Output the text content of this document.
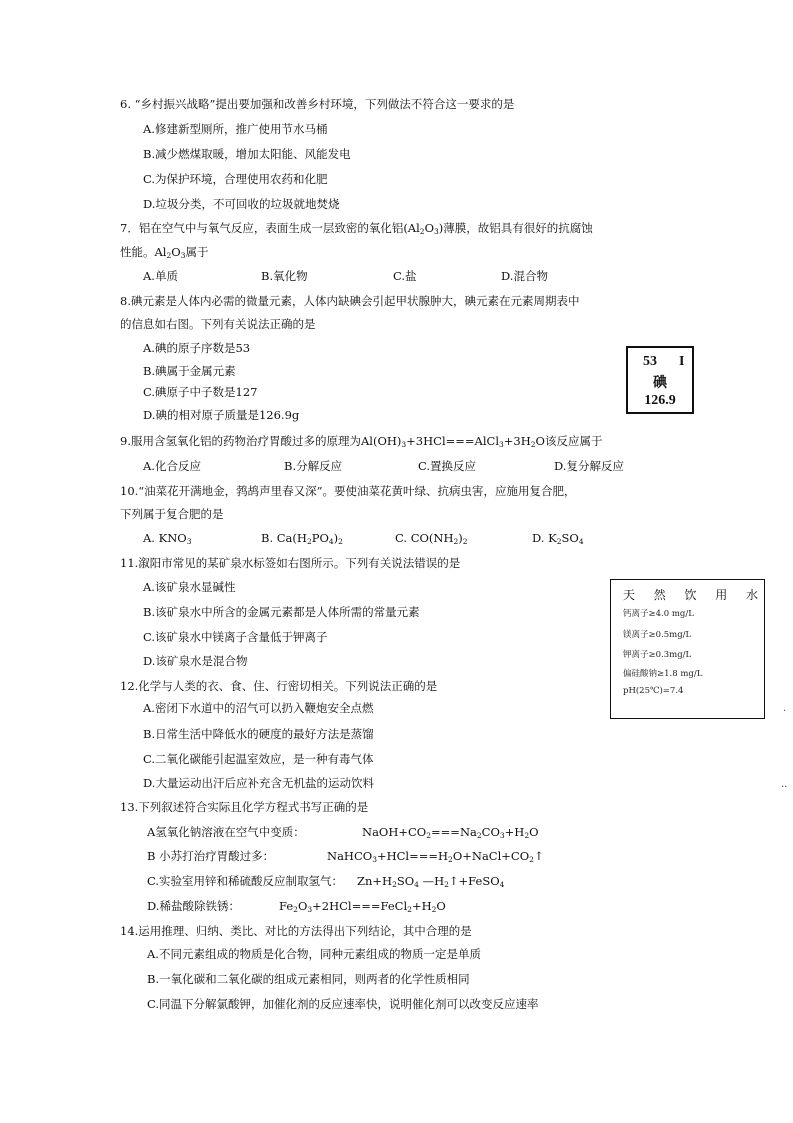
6. “乡村振兴战略”提出要加强和改善乡村环境，下列做法不符合这一要求的是
A.修建新型厕所，推广使用节水马桶
B.减少燃煤取暖，增加太阳能、风能发电
C.为保护环境，合理使用农药和化肥
D.垃圾分类，不可回收的垃圾就地焚烧
7．铝在空气中与氧气反应，表面生成一层致密的氧化铝$(Al_2O_3)$薄膜，故铝具有很好的抗腐蚀
性能。$Al_2O_3$属于
A.单质	B.氧化物	C.盐	D.混合物
8.碘元素是人体内必需的微量元素，人体内缺碘会引起甲状腺肿大，碘元素在元素周期表中
的信息如右图。下列有关说法正确的是
A.碘的原子序数是53
B.碘属于金属元素
C.碘原子中子数是127
D.碘的相对原子质量是126.9g
53 I
碘
126.9
9.服用含氢氧化铝的药物治疗胃酸过多的原理为$Al(OH)_3+3HCl===AlCl_3+3H_2O$该反应属于
A.化合反应	B.分解反应	C.置换反应	D.复分解反应
10.“油菜花开满地金，鹁鸪声里春又深”。要使油菜花黄叶绿、抗病虫害，应施用复合肥，
下列属于复合肥的是
A. $KNO_3$	B. $Ca(H_2PO_4)_2$	C. $CO(NH_2)_2$	D. $K_2SO_4$
11.溆阳市常见的某矿泉水标签如右图所示。下列有关说法错误的是
A.该矿泉水显碱性
B.该矿泉水中所含的金属元素都是人体所需的常量元素
C.该矿泉水中镁离子含量低于钾离子
D.该矿泉水是混合物
天 然 饮 用 水
钙离子≥4.0 mg/L
镁离子≥0.5mg/L
钾离子≥0.3mg/L
偏硅酸钠≥1.8 mg/L
pH(25℃)=7.4
.
..
12.化学与人类的衣、食、住、行密切相关。下列说法正确的是
A.密闭下水道中的沼气可以扔入鞭炮安全点燃
B.日常生活中降低水的硬度的最好方法是蒸馏
C.二氧化碳能引起温室效应，是一种有毒气体
D.大量运动出汗后应补充含无机盐的运动饮料
13.下列叙述符合实际且化学方程式书写正确的是
A氢氧化钠溶液在空气中变质：	$NaOH+CO_2===Na_2CO_3+H_2O$
B 小苏打治疗胃酸过多：	$NaHCO_3+HCl===H_2O+NaCl+CO_2↑$
C.实验室用锌和稀硫酸反应制取氢气： $Zn+H_2SO_4$ $—H_2↑+FeSO_4$
D.稀盐酸除铁锈：	$Fe_2O_3+2HCl===FeCl_2+H_2O$
14.运用推理、归纳、类比、对比的方法得出下列结论，其中合理的是
A.不同元素组成的物质是化合物，同种元素组成的物质一定是单质
B.一氧化碳和二氧化碳的组成元素相同，则两者的化学性质相同
C.同温下分解氯酸钾，加催化剂的反应速率快，说明催化剂可以改变反应速率
